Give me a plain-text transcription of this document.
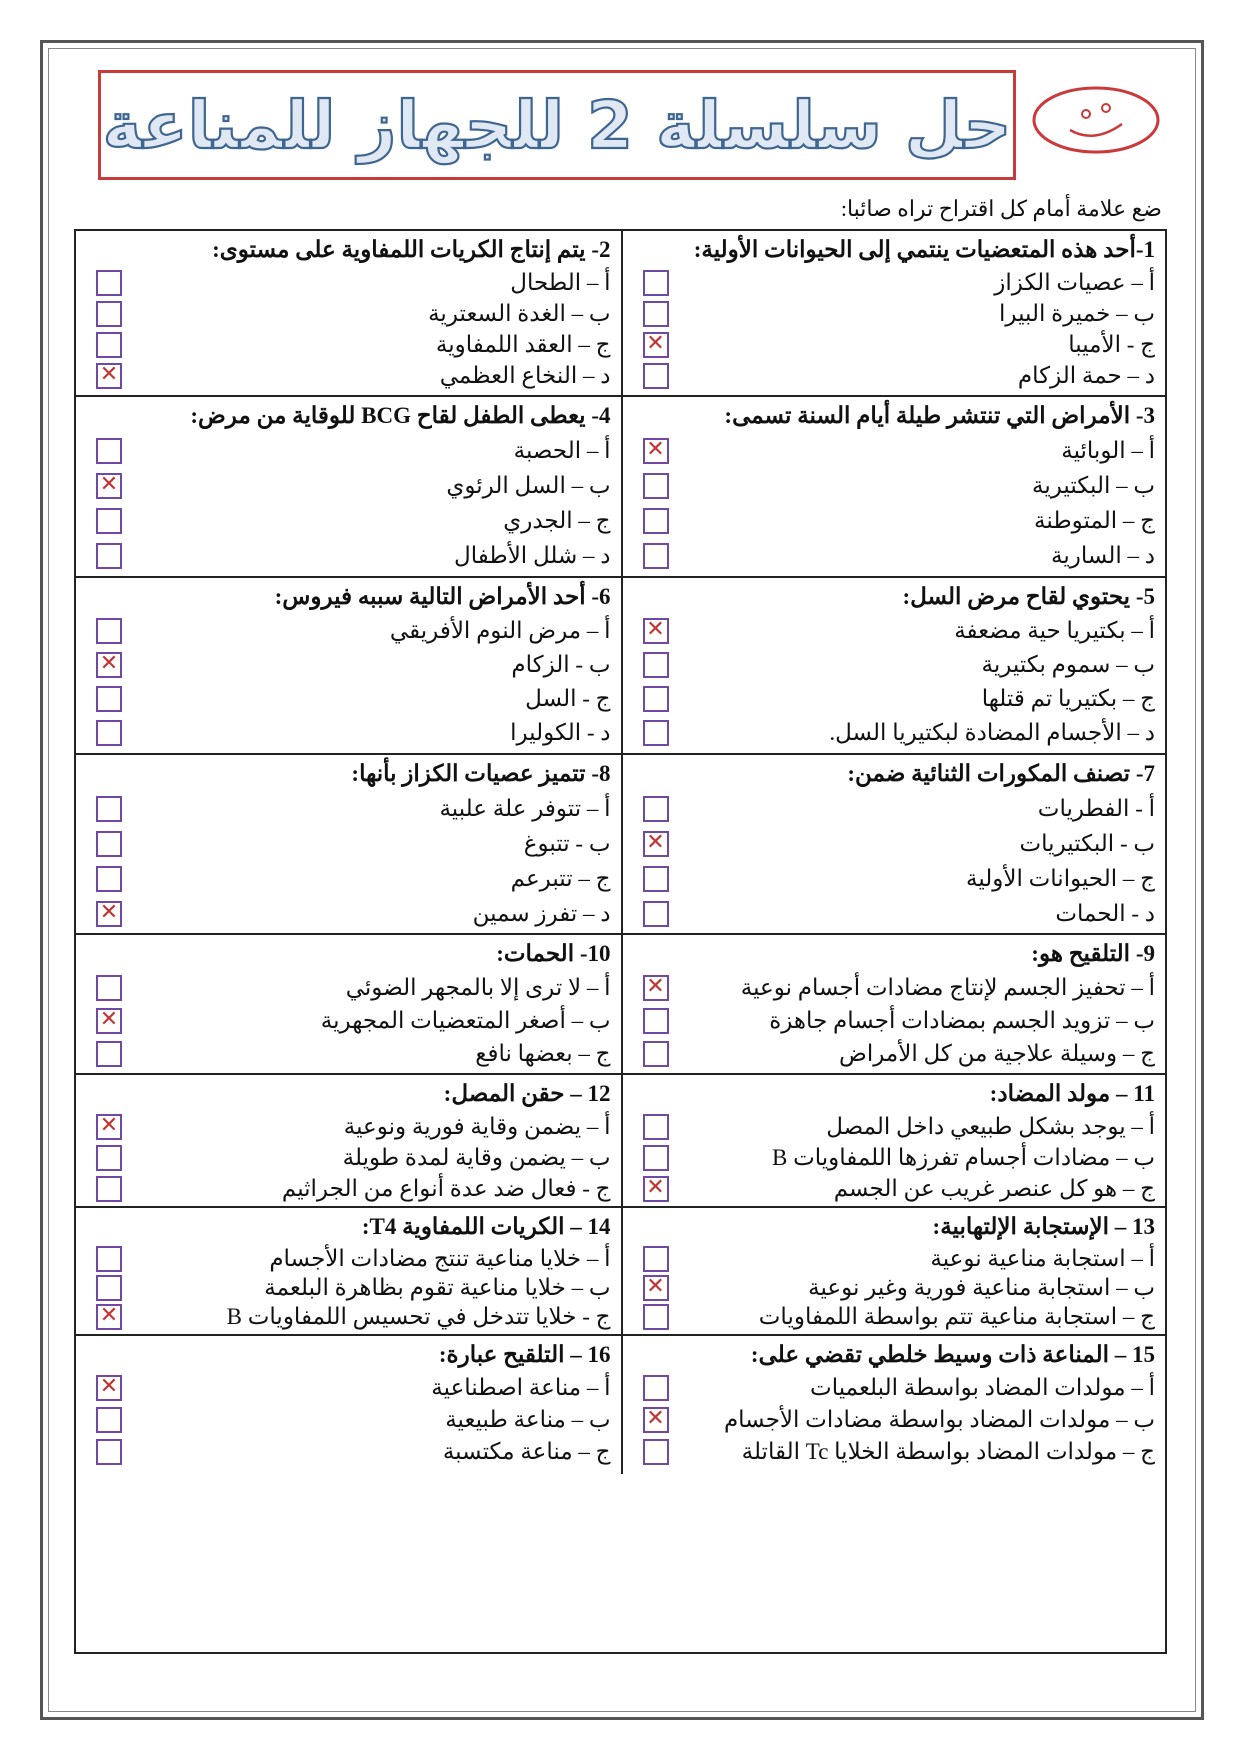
حل سلسلة 2 للجهاز للمناعة
ضع علامة أمام كل اقتراح تراه صائبا:
1-أحد هذه المتعضيات ينتمي إلى الحيوانات الأولية:
أ – عصيات الكزاز
ب – خميرة البيرا
ج - الأميبا
✕
د – حمة الزكام
2- يتم إنتاج الكريات اللمفاوية على مستوى:
أ – الطحال
ب – الغدة السعترية
ج – العقد اللمفاوية
د – النخاع العظمي
✕
3- الأمراض التي تنتشر طيلة أيام السنة تسمى:
أ – الوبائية
✕
ب – البكتيرية
ج – المتوطنة
د – السارية
4- يعطى الطفل لقاح BCG للوقاية من مرض:
أ – الحصبة
ب – السل الرئوي
✕
ج – الجدري
د – شلل الأطفال
5- يحتوي لقاح مرض السل:
أ – بكتيريا حية مضعفة
✕
ب – سموم بكتيرية
ج – بكتيريا تم قتلها
د – الأجسام المضادة لبكتيريا السل.
6- أحد الأمراض التالية سببه فيروس:
أ – مرض النوم الأفريقي
ب - الزكام
✕
ج - السل
د - الكوليرا
7- تصنف المكورات الثنائية ضمن:
أ - الفطريات
ب - البكتيريات
✕
ج – الحيوانات الأولية
د - الحمات
8- تتميز عصيات الكزاز بأنها:
أ – تتوفر علة علبية
ب - تتبوغ
ج – تتبرعم
د – تفرز سمين
✕
9- التلقيح هو:
أ – تحفيز الجسم لإنتاج مضادات أجسام نوعية
✕
ب – تزويد الجسم بمضادات أجسام جاهزة
ج – وسيلة علاجية من كل الأمراض
10- الحمات:
أ – لا ترى إلا بالمجهر الضوئي
ب – أصغر المتعضيات المجهرية
✕
ج – بعضها نافع
11 – مولد المضاد:
أ – يوجد بشكل طبيعي داخل المصل
ب – مضادات أجسام تفرزها اللمفاويات B
ج – هو كل عنصر غريب عن الجسم
✕
12 – حقن المصل:
أ – يضمن وقاية فورية ونوعية
✕
ب – يضمن وقاية لمدة طويلة
ج - فعال ضد عدة أنواع من الجراثيم
13 – الإستجابة الإلتهابية:
أ – استجابة مناعية نوعية
ب – استجابة مناعية فورية وغير نوعية
✕
ج – استجابة مناعية تتم بواسطة اللمفاويات
14 – الكريات اللمفاوية T4:
أ – خلايا مناعية تنتج مضادات الأجسام
ب – خلايا مناعية تقوم بظاهرة البلعمة
ج - خلايا تتدخل في تحسيس اللمفاويات B
✕
15 – المناعة ذات وسيط خلطي تقضي على:
أ – مولدات المضاد بواسطة البلعميات
ب – مولدات المضاد بواسطة مضادات الأجسام
✕
ج – مولدات المضاد بواسطة الخلايا Tc القاتلة
16 – التلقيح عبارة:
أ – مناعة اصطناعية
✕
ب – مناعة طبيعية
ج – مناعة مكتسبة
